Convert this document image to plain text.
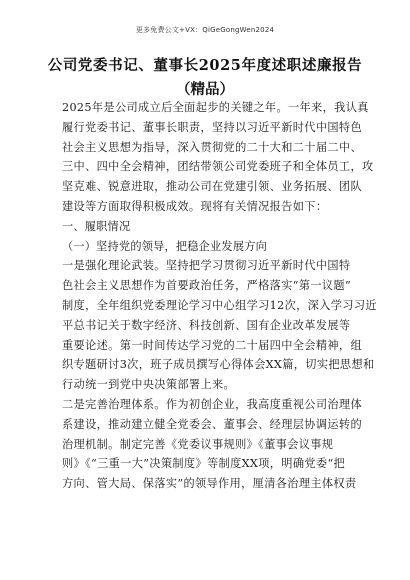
更多免费公文+VX：QiGeGongWen2024
公司党委书记、董事长2025年度述职述廉报告
（精品）
2025年是公司成立后全面起步的关键之年。一年来，我认真
履行党委书记、董事长职责，坚持以习近平新时代中国特色
社会主义思想为指导，深入贯彻党的二十大和二十届二中、
三中、四中全会精神，团结带领公司党委班子和全体员工，攻
坚克难、锐意进取，推动公司在党建引领、业务拓展、团队
建设等方面取得积极成效。现将有关情况报告如下：
一、履职情况
（一）坚持党的领导，把稳企业发展方向
一是强化理论武装。坚持把学习贯彻习近平新时代中国特
色社会主义思想作为首要政治任务，严格落实“第一议题”
制度，全年组织党委理论学习中心组学习12次，深入学习习近
平总书记关于数字经济、科技创新、国有企业改革发展等
重要论述。第一时间传达学习党的二十届四中全会精神，组
织专题研讨3次，班子成员撰写心得体会XX篇，切实把思想和
行动统一到党中央决策部署上来。
二是完善治理体系。作为初创企业，我高度重视公司治理体
系建设，推动建立健全党委会、董事会、经理层协调运转的
治理机制。制定完善《党委议事规则》《董事会议事规
则》《“三重一大”决策制度》等制度XX项，明确党委“把
方向、管大局、保落实”的领导作用，厘清各治理主体权责
